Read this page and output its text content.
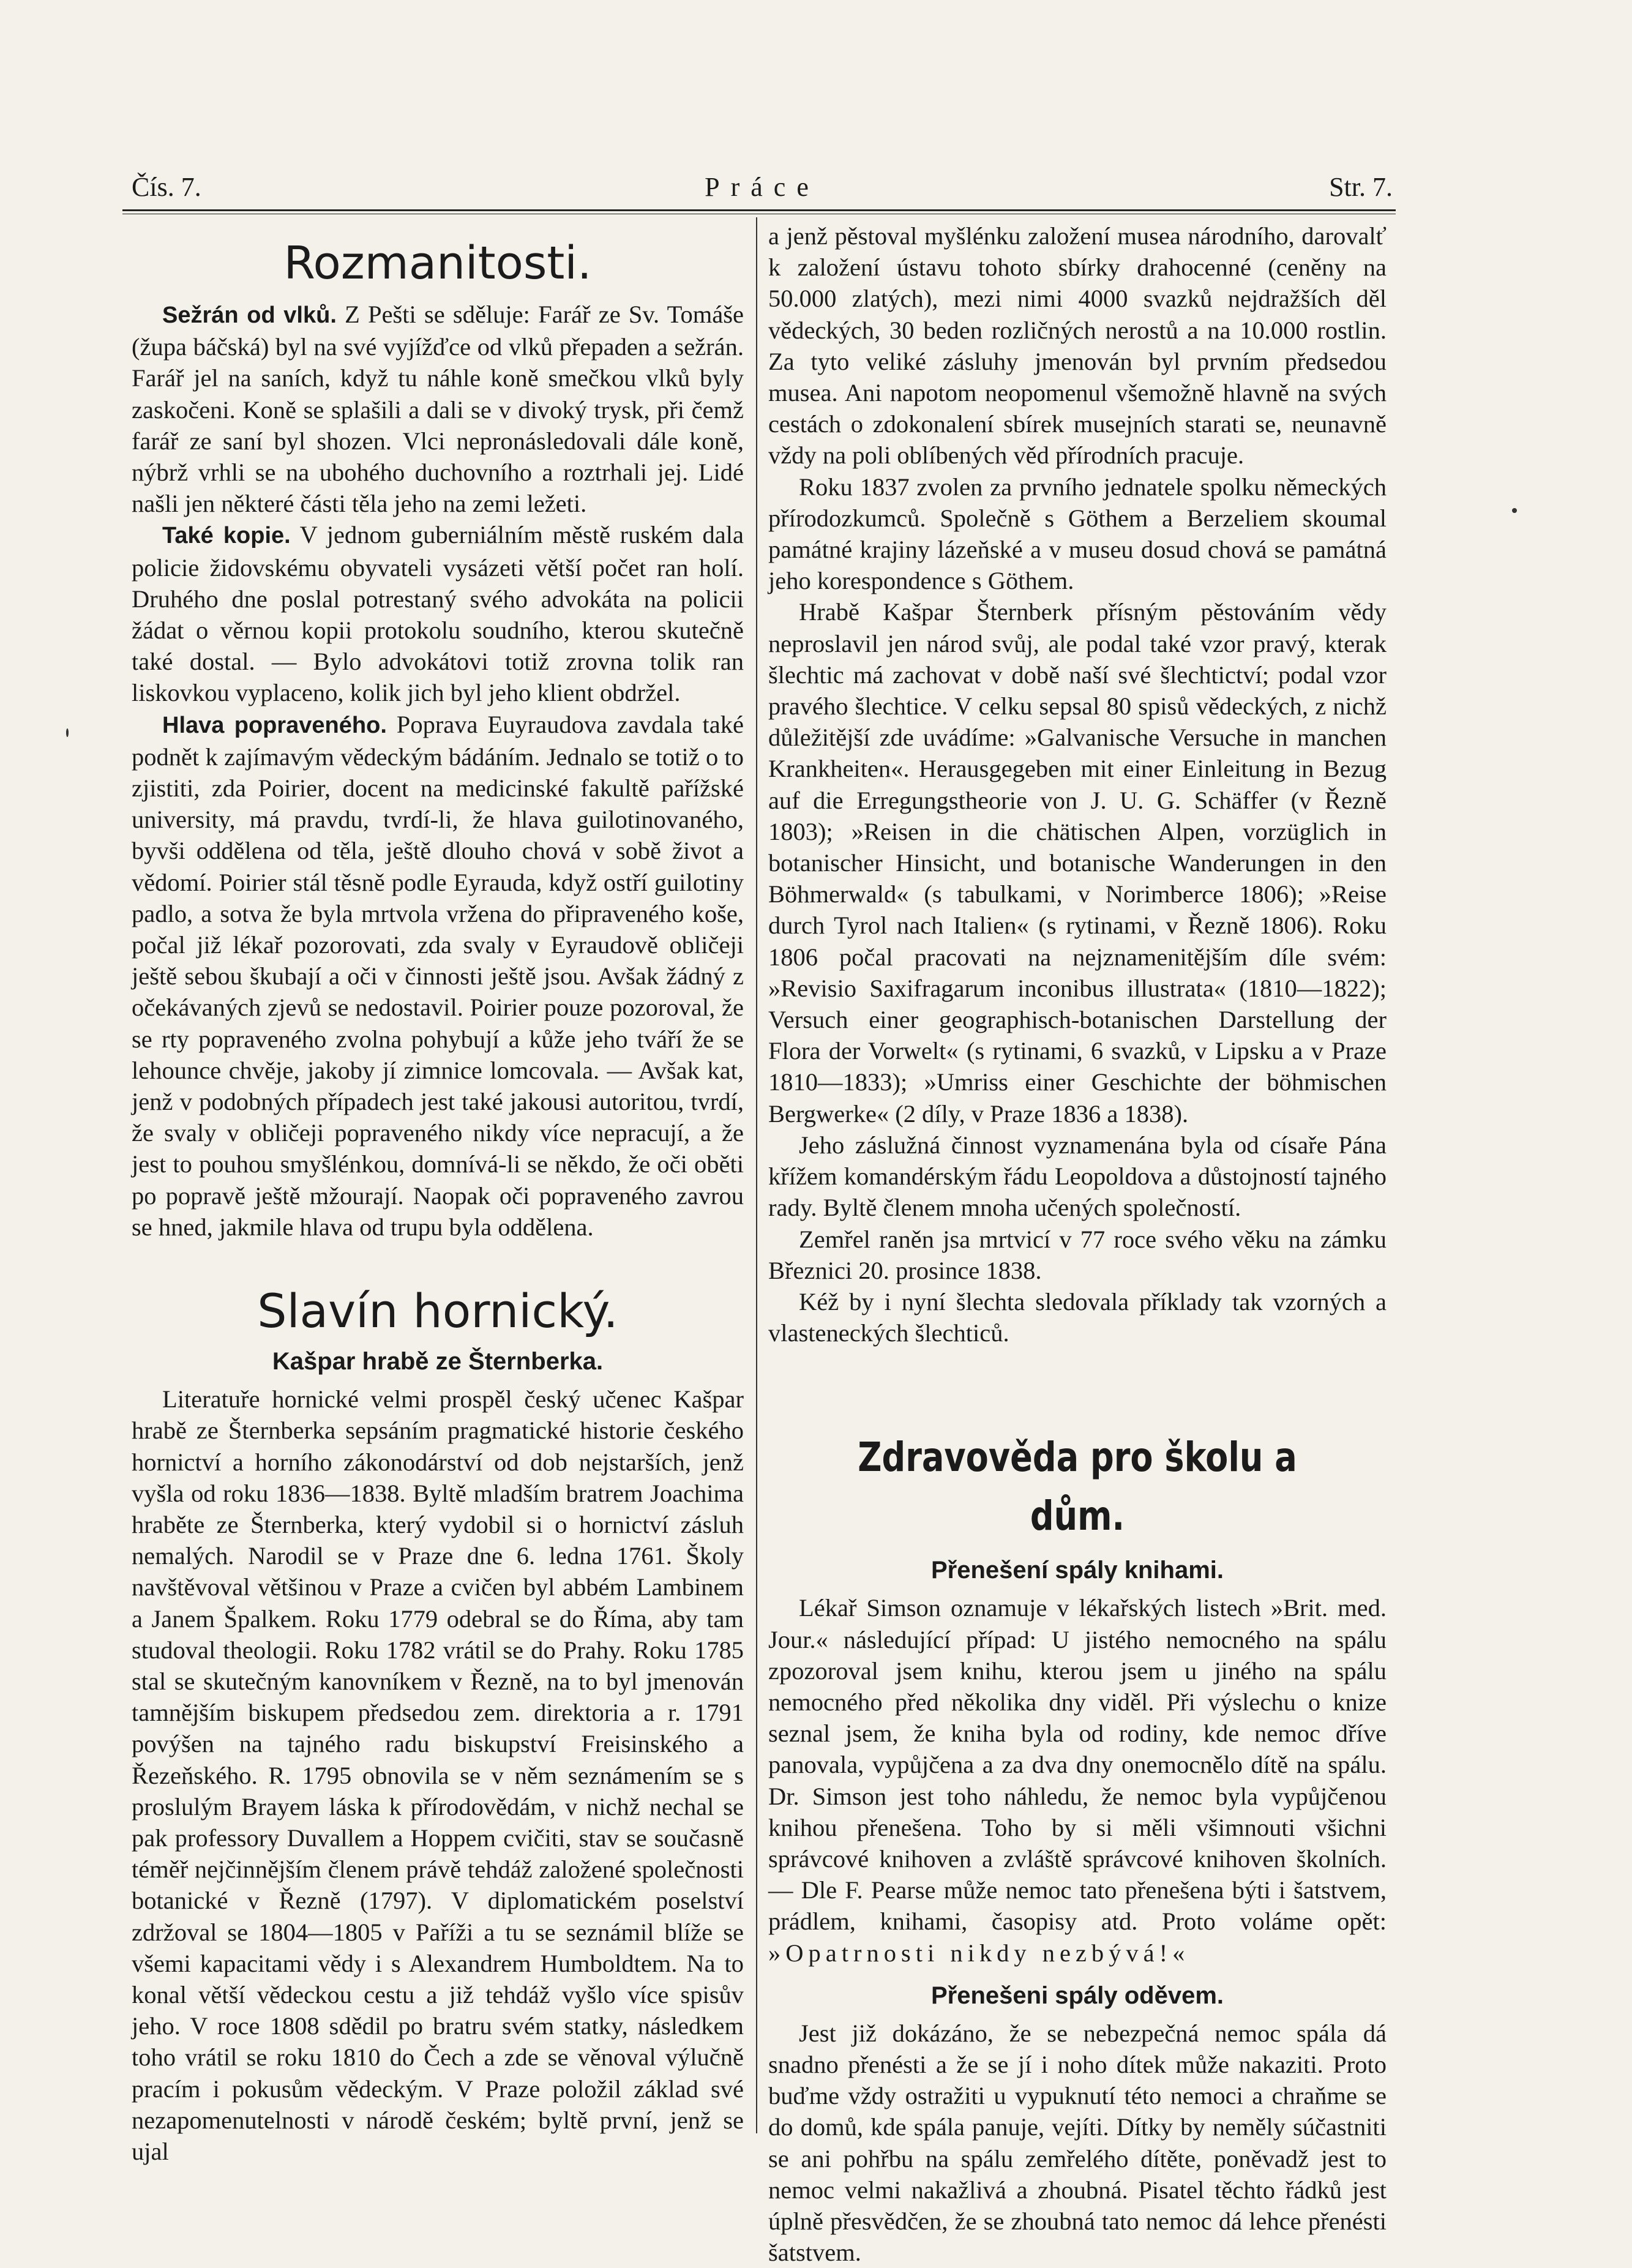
Čís. 7.	Práce	Str. 7.
Rozmanitosti.

Sežrán od vlků. Z Pešti se sděluje: Farář ze Sv. Tomáše (župa báčská) byl na své vyjížďce od vlků přepaden a sežrán. Farář jel na saních, když tu náhle koně smečkou vlků byly zaskočeni. Koně se splašili a dali se v divoký trysk, při čemž farář ze saní byl shozen. Vlci nepronásledovali dále koně, nýbrž vrhli se na ubohého duchovního a roztrhali jej. Lidé našli jen některé části těla jeho na zemi ležeti.

Také kopie. V jednom guberniálním městě ruském dala policie židovskému obyvateli vysázeti větší počet ran holí. Druhého dne poslal potrestaný svého advokáta na policii žádat o věrnou kopii protokolu soudního, kterou skutečně také dostal. — Bylo advokátovi totiž zrovna tolik ran liskovkou vyplaceno, kolik jich byl jeho klient obdržel.

Hlava popraveného. Poprava Euyraudova zavdala také podnět k zajímavým vědeckým bádáním. Jednalo se totiž o to zjistiti, zda Poirier, docent na medicinské fakultě pařížské university, má pravdu, tvrdí-li, že hlava guilotinovaného, byvši oddělena od těla, ještě dlouho chová v sobě život a vědomí. Poirier stál těsně podle Eyrauda, když ostří guilotiny padlo, a sotva že byla mrtvola vržena do připraveného koše, počal již lékař pozorovati, zda svaly v Eyraudově obličeji ještě sebou škubají a oči v činnosti ještě jsou. Avšak žádný z očekávaných zjevů se nedostavil. Poirier pouze pozoroval, že se rty popraveného zvolna pohybují a kůže jeho tváří že se lehounce chvěje, jakoby jí zimnice lomcovala. — Avšak kat, jenž v podobných případech jest také jakousi autoritou, tvrdí, že svaly v obličeji popraveného nikdy více nepracují, a že jest to pouhou smyšlénkou, domnívá-li se někdo, že oči oběti po popravě ještě mžourají. Naopak oči popraveného zavrou se hned, jakmile hlava od trupu byla oddělena.

Slavín hornický.
Kašpar hrabě ze Šternberka.

Literatuře hornické velmi prospěl český učenec Kašpar hrabě ze Šternberka sepsáním pragmatické historie českého hornictví a horního zákonodárství od dob nejstarších, jenž vyšla od roku 1836—1838. Byltě mladším bratrem Joachima hraběte ze Šternberka, který vydobil si o hornictví zásluh nemalých. Narodil se v Praze dne 6. ledna 1761. Školy navštěvoval většinou v Praze a cvičen byl abbém Lambinem a Janem Špalkem. Roku 1779 odebral se do Říma, aby tam studoval theologii. Roku 1782 vrátil se do Prahy. Roku 1785 stal se skutečným kanovníkem v Řezně, na to byl jmenován tamnějším biskupem předsedou zem. direktoria a r. 1791 povýšen na tajného radu biskupství Freisinského a Řezeňského. R. 1795 obnovila se v něm seznámením se s proslulým Brayem láska k přírodovědám, v nichž nechal se pak professory Duvallem a Hoppem cvičiti, stav se současně téměř nejčinnějším členem právě tehdáž založené společnosti botanické v Řezně (1797). V diplomatickém poselství zdržoval se 1804—1805 v Paříži a tu se seznámil blíže se všemi kapacitami vědy i s Alexandrem Humboldtem. Na to konal větší vědeckou cestu a již tehdáž vyšlo více spisův jeho. V roce 1808 sdědil po bratru svém statky, následkem toho vrátil se roku 1810 do Čech a zde se věnoval výlučně pracím i pokusům vědeckým. V Praze položil základ své nezapomenutelnosti v národě českém; byltě první, jenž se ujal

a jenž pěstoval myšlénku založení musea národního, darovalť k založení ústavu tohoto sbírky drahocenné (ceněny na 50.000 zlatých), mezi nimi 4000 svazků nejdražších děl vědeckých, 30 beden rozličných nerostů a na 10.000 rostlin. Za tyto veliké zásluhy jmenován byl prvním předsedou musea. Ani napotom neopomenul všemožně hlavně na svých cestách o zdokonalení sbírek musejních starati se, neunavně vždy na poli oblíbených věd přírodních pracuje.

Roku 1837 zvolen za prvního jednatele spolku německých přírodozkumců. Společně s Göthem a Berzeliem skoumal památné krajiny lázeňské a v museu dosud chová se památná jeho korespondence s Göthem.

Hrabě Kašpar Šternberk přísným pěstováním vědy neproslavil jen národ svůj, ale podal také vzor pravý, kterak šlechtic má zachovat v době naší své šlechtictví; podal vzor pravého šlechtice. V celku sepsal 80 spisů vědeckých, z nichž důležitější zde uvádíme: »Galvanische Versuche in manchen Krankheiten«. Herausgegeben mit einer Einleitung in Bezug auf die Erregungstheorie von J. U. G. Schäffer (v Řezně 1803); »Reisen in die chätischen Alpen, vorzüglich in botanischer Hinsicht, und botanische Wanderungen in den Böhmerwald« (s tabulkami, v Norimberce 1806); »Reise durch Tyrol nach Italien« (s rytinami, v Řezně 1806). Roku 1806 počal pracovati na nejznamenitějším díle svém: »Revisio Saxifragarum inconibus illustrata« (1810—1822); Versuch einer geographisch-botanischen Darstellung der Flora der Vorwelt« (s rytinami, 6 svazků, v Lipsku a v Praze 1810—1833); »Umriss einer Geschichte der böhmischen Bergwerke« (2 díly, v Praze 1836 a 1838).

Jeho záslužná činnost vyznamenána byla od císaře Pána křížem komandérským řádu Leopoldova a důstojností tajného rady. Byltě členem mnoha učených společností.

Zemřel raněn jsa mrtvicí v 77 roce svého věku na zámku Březnici 20. prosince 1838.

Kéž by i nyní šlechta sledovala příklady tak vzorných a vlasteneckých šlechticů.

Zdravověda pro školu a dům.
Přenešení spály knihami.

Lékař Simson oznamuje v lékařských listech »Brit. med. Jour.« následující případ: U jistého nemocného na spálu zpozoroval jsem knihu, kterou jsem u jiného na spálu nemocného před několika dny viděl. Při výslechu o knize seznal jsem, že kniha byla od rodiny, kde nemoc dříve panovala, vypůjčena a za dva dny onemocnělo dítě na spálu. Dr. Simson jest toho náhledu, že nemoc byla vypůjčenou knihou přenešena. Toho by si měli všimnouti všichni správcové knihoven a zvláště správcové knihoven školních. — Dle F. Pearse může nemoc tato přenešena býti i šatstvem, prádlem, knihami, časopisy atd. Proto voláme opět: »Opatrnosti nikdy nezbývá!«

Přenešeni spály oděvem.

Jest již dokázáno, že se nebezpečná nemoc spála dá snadno přenésti a že se jí i noho dítek může nakaziti. Proto buďme vždy ostražiti u vypuknutí této nemoci a chraňme se do domů, kde spála panuje, vejíti. Dítky by neměly súčastniti se ani pohřbu na spálu zemřelého dítěte, poněvadž jest to nemoc velmi nakažlivá a zhoubná. Pisatel těchto řádků jest úplně přesvědčen, že se zhoubná tato nemoc dá lehce přenésti šatstvem.
